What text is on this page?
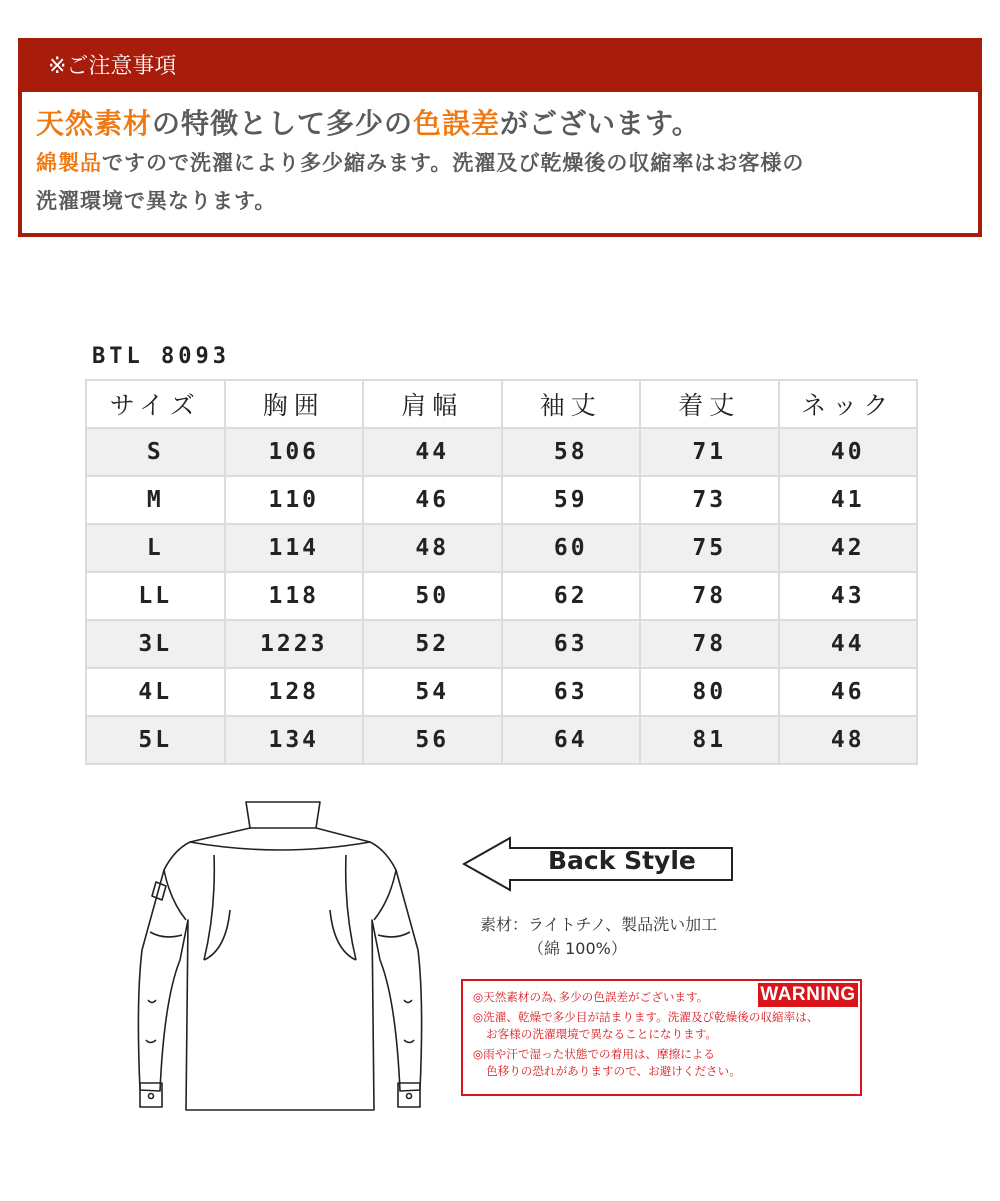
※ご注意事項
天然素材の特徴として多少の色誤差がございます。
綿製品ですので洗濯により多少縮みます。洗濯及び乾燥後の収縮率はお客様の
洗濯環境で異なります。
BTL 8093
サイズ	胸囲	肩幅	袖丈	着丈	ネック
S	106	44	58	71	40
M	110	46	59	73	41
L	114	48	60	75	42
LL	118	50	62	78	43
3L	1223	52	63	78	44
4L	128	54	63	80	46
5L	134	56	64	81	48
Back Style
素材：ライトチノ、製品洗い加工
（綿 100%）
WARNING
◎天然素材の為､多少の色誤差がございます。
◎洗濯、乾燥で多少目が詰まります。洗濯及び乾燥後の収縮率は、
お客様の洗濯環境で異なることになります。
◎雨や汗で湿った状態での着用は、摩擦による
色移りの恐れがありますので、お避けください。
